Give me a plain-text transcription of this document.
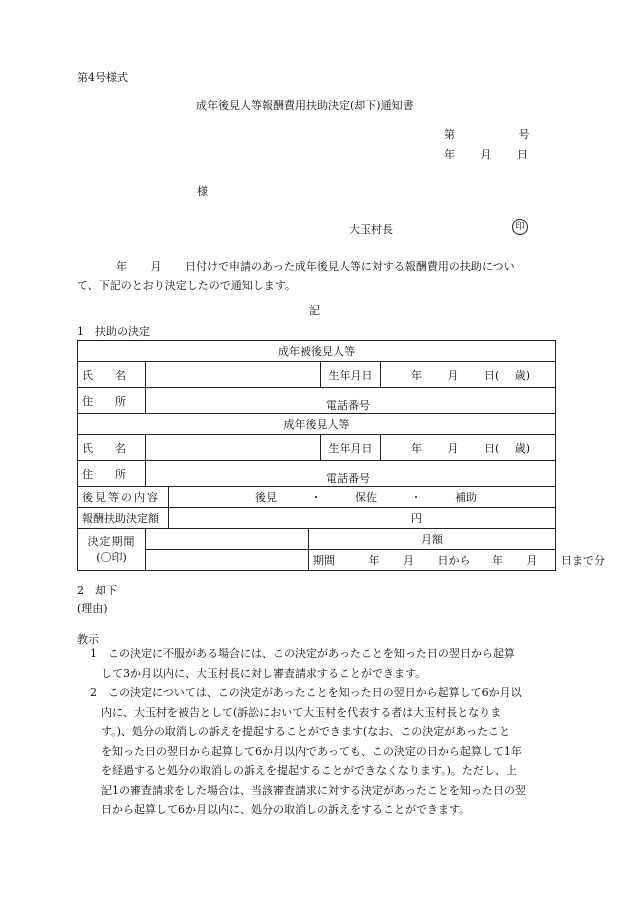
第4号様式
成年後見人等報酬費用扶助決定(却下)通知書
第	号
年 月 日
様
大玉村長	印
年 月 日付けで申請のあった成年後見人等に対する報酬費用の扶助につい
て、下記のとおり決定したので通知します。
記
1　扶助の決定
成年被後見人等					
氏　　名				生年月日	年 月 日( 歳)
住　　所	電話番号				
成年後見人等					
氏　　名				生年月日	年 月 日( 歳)
住　　所	電話番号				
後見等の内容		後見 ・ 保佐 ・ 補助			
報酬扶助決定額		円			

決定期間
(〇印)			月額		
			期間 年 月 日から 年 月 日まで分		
2　却下
(理由)
教示
1 この決定に不服がある場合には、この決定があったことを知った日の翌日から起算
して3か月以内に、大玉村長に対し審査請求することができます。
2 この決定については、この決定があったことを知った日の翌日から起算して6か月以
内に、大玉村を被告として(訴訟において大玉村を代表する者は大玉村長となりま
す。)、処分の取消しの訴えを提起することができます(なお、この決定があったこと
を知った日の翌日から起算して6か月以内であっても、この決定の日から起算して1年
を経過すると処分の取消しの訴えを提起することができなくなります。)。ただし、上
記1の審査請求をした場合は、当該審査請求に対する決定があったことを知った日の翌
日から起算して6か月以内に、処分の取消しの訴えをすることができます。
